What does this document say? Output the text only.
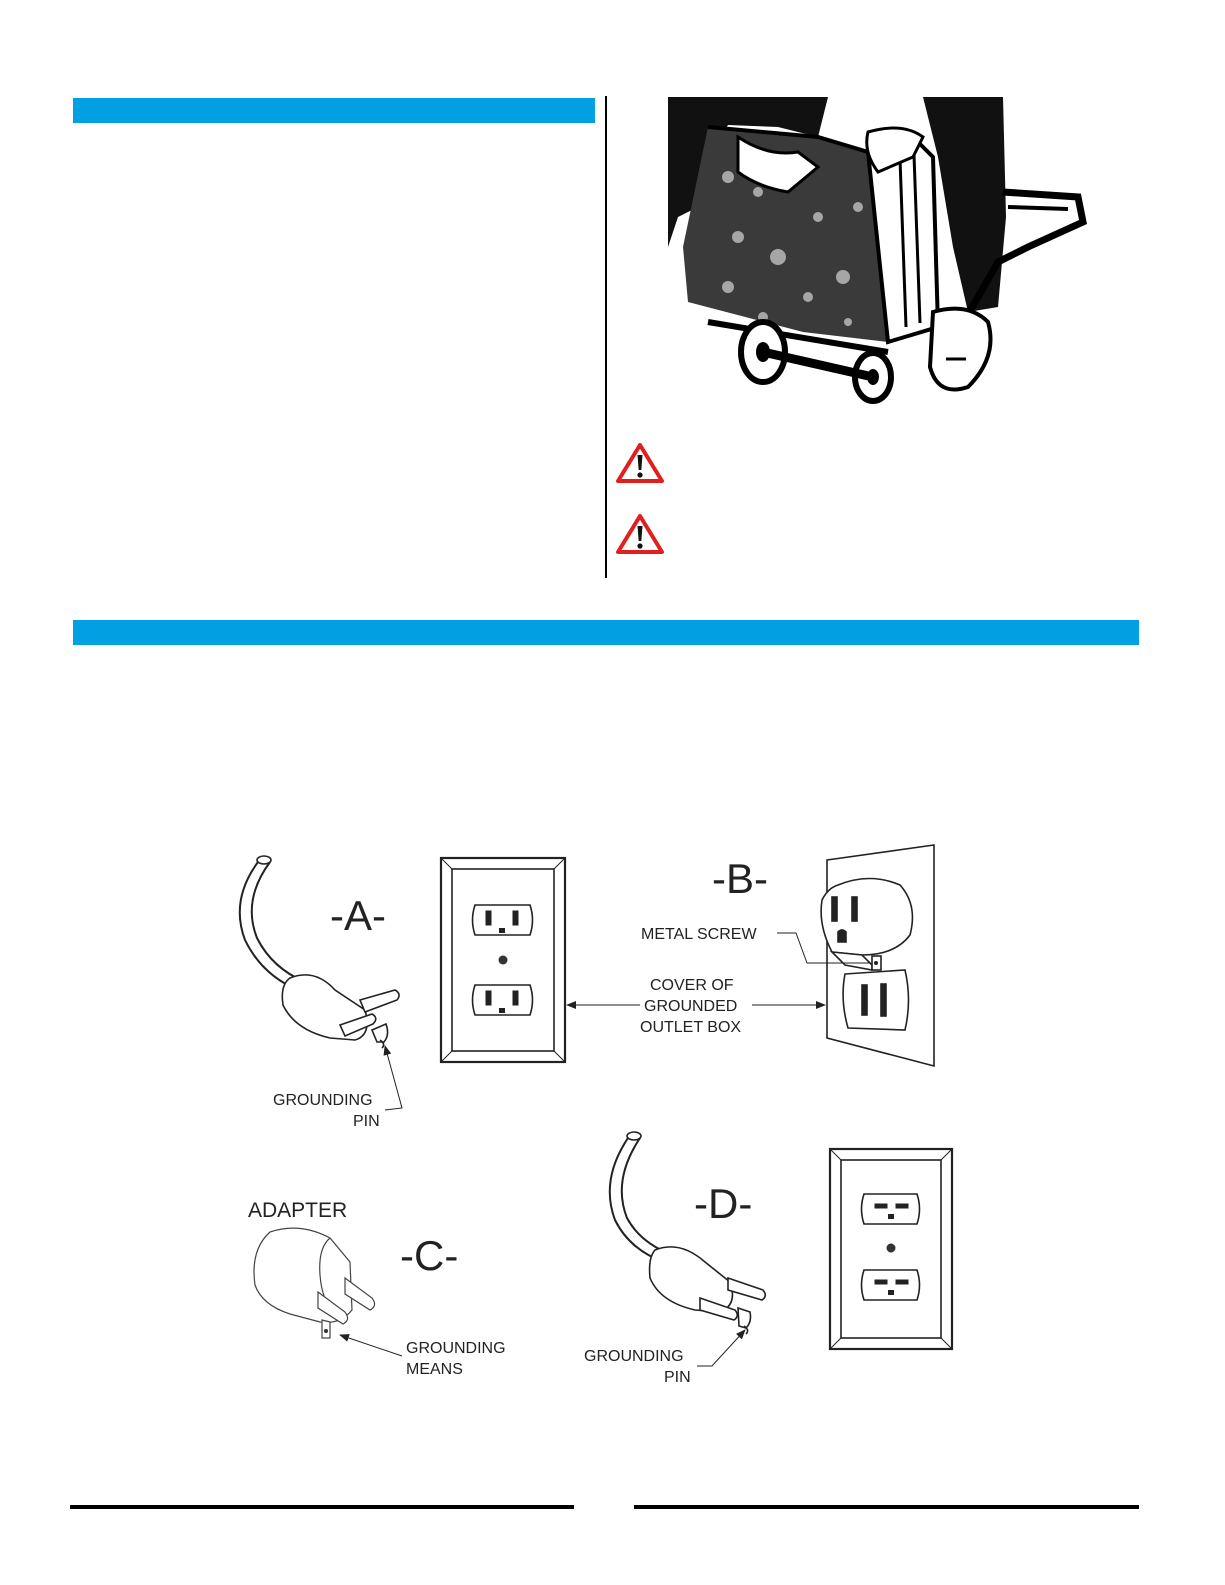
-A-
GROUNDING
PIN
COVER OF
GROUNDED
OUTLET BOX
-B-
METAL SCREW
ADAPTER
-C-
GROUNDING
MEANS
-D-
GROUNDING
PIN
